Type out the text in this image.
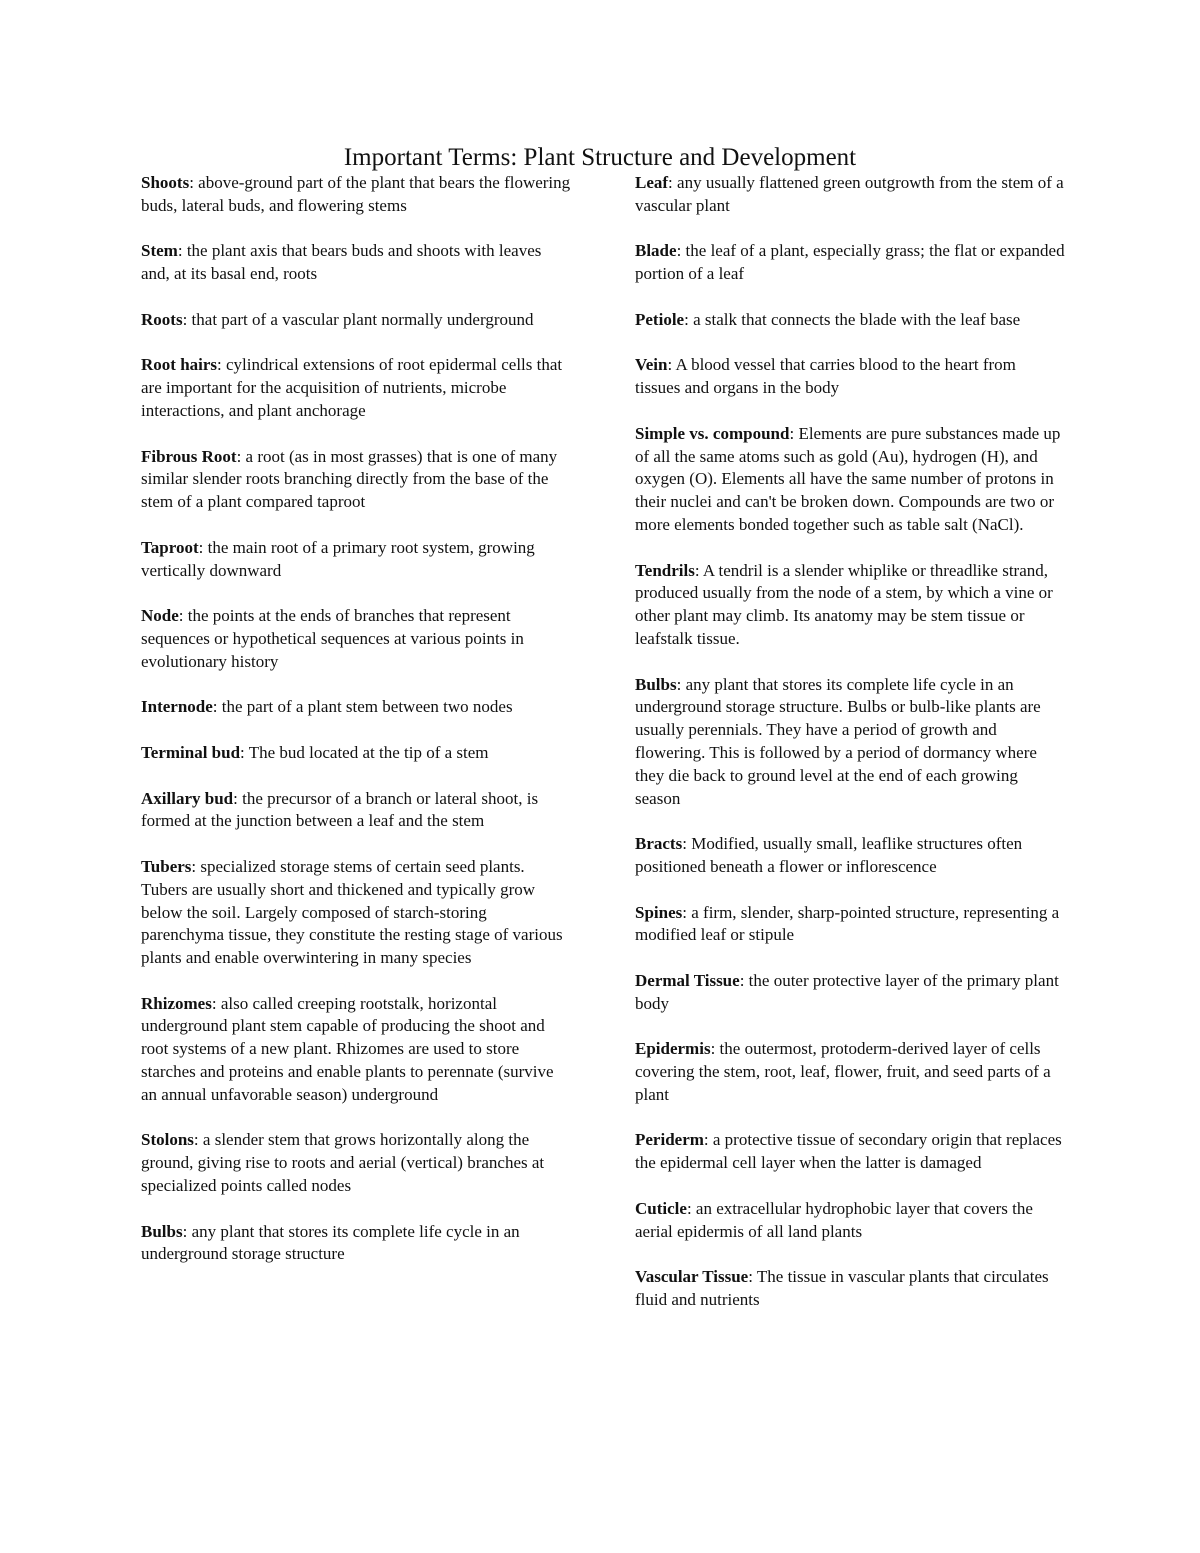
Important Terms: Plant Structure and Development

Shoots: above-ground part of the plant that bears the flowering buds, lateral buds, and flowering stems

Stem: the plant axis that bears buds and shoots with leaves and, at its basal end, roots

Roots: that part of a vascular plant normally underground

Root hairs: cylindrical extensions of root epidermal cells that are important for the acquisition of nutrients, microbe interactions, and plant anchorage

Fibrous Root: a root (as in most grasses) that is one of many similar slender roots branching directly from the base of the stem of a plant compared taproot

Taproot: the main root of a primary root system, growing vertically downward

Node: the points at the ends of branches that represent sequences or hypothetical sequences at various points in evolutionary history

Internode: the part of a plant stem between two nodes

Terminal bud: The bud located at the tip of a stem

Axillary bud: the precursor of a branch or lateral shoot, is formed at the junction between a leaf and the stem

Tubers: specialized storage stems of certain seed plants. Tubers are usually short and thickened and typically grow below the soil. Largely composed of starch-storing parenchyma tissue, they constitute the resting stage of various plants and enable overwintering in many species

Rhizomes: also called creeping rootstalk, horizontal underground plant stem capable of producing the shoot and root systems of a new plant. Rhizomes are used to store starches and proteins and enable plants to perennate (survive an annual unfavorable season) underground

Stolons: a slender stem that grows horizontally along the ground, giving rise to roots and aerial (vertical) branches at specialized points called nodes

Bulbs: any plant that stores its complete life cycle in an underground storage structure

Leaf: any usually flattened green outgrowth from the stem of a vascular plant

Blade: the leaf of a plant, especially grass; the flat or expanded portion of a leaf

Petiole: a stalk that connects the blade with the leaf base

Vein: A blood vessel that carries blood to the heart from tissues and organs in the body

Simple vs. compound: Elements are pure substances made up of all the same atoms such as gold (Au), hydrogen (H), and oxygen (O). Elements all have the same number of protons in their nuclei and can't be broken down. Compounds are two or more elements bonded together such as table salt (NaCl).

Tendrils: A tendril is a slender whiplike or threadlike strand, produced usually from the node of a stem, by which a vine or other plant may climb. Its anatomy may be stem tissue or leafstalk tissue.

Bulbs: any plant that stores its complete life cycle in an underground storage structure. Bulbs or bulb-like plants are usually perennials. They have a period of growth and flowering. This is followed by a period of dormancy where they die back to ground level at the end of each growing season

Bracts: Modified, usually small, leaflike structures often positioned beneath a flower or inflorescence

Spines: a firm, slender, sharp-pointed structure, representing a modified leaf or stipule

Dermal Tissue: the outer protective layer of the primary plant body

Epidermis: the outermost, protoderm-derived layer of cells covering the stem, root, leaf, flower, fruit, and seed parts of a plant

Periderm: a protective tissue of secondary origin that replaces the epidermal cell layer when the latter is damaged

Cuticle: an extracellular hydrophobic layer that covers the aerial epidermis of all land plants

Vascular Tissue: The tissue in vascular plants that circulates fluid and nutrients
